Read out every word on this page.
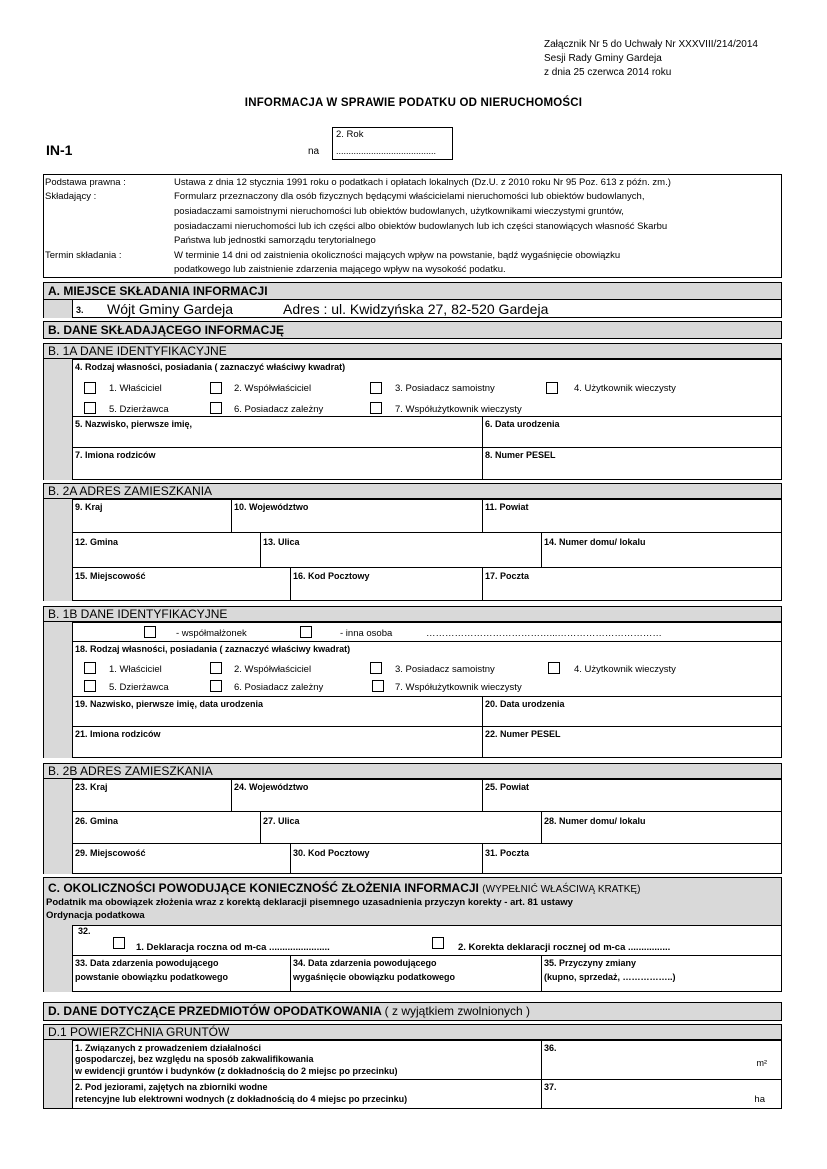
Załącznik Nr 5 do Uchwały Nr XXXVIII/214/2014
Sesji Rady Gminy Gardeja
z dnia 25 czerwca 2014 roku
INFORMACJA W SPRAWIE PODATKU OD NIERUCHOMOŚCI
IN-1	na
2. Rok
........................................
Podstawa prawna :	Ustawa z dnia 12 stycznia 1991 roku o podatkach i opłatach lokalnych (Dz.U. z 2010 roku Nr 95 Poz. 613 z późn. zm.)
Składający :	Formularz przeznaczony dla osób fizycznych będącymi właścicielami nieruchomości lub obiektów budowlanych,
posiadaczami samoistnymi nieruchomości lub obiektów budowlanych, użytkownikami wieczystymi gruntów,
posiadaczami nieruchomości lub ich części albo obiektów budowlanych lub ich części stanowiących własność Skarbu
Państwa lub jednostki samorządu terytorialnego
Termin składania :	W terminie 14 dni od zaistnienia okoliczności mających wpływ na powstanie, bądź wygaśnięcie obowiązku
podatkowego lub zaistnienie zdarzenia mającego wpływ na wysokość podatku.
A. MIEJSCE SKŁADANIA INFORMACJI
3. Wójt Gminy Gardeja	Adres : ul. Kwidzyńska 27, 82-520 Gardeja
B. DANE SKŁADAJĄCEGO INFORMACJĘ
B. 1A DANE IDENTYFIKACYJNE
4. Rodzaj własności, posiadania ( zaznaczyć właściwy kwadrat)
1. Właściciel	2. Współwłaściciel	3. Posiadacz samoistny	4. Użytkownik wieczysty
5. Dzierżawca	6. Posiadacz zależny	7. Współużytkownik wieczysty
5. Nazwisko, pierwsze imię,	6. Data urodzenia
7. Imiona rodziców	8. Numer PESEL
B. 2A ADRES ZAMIESZKANIA
9. Kraj	10. Województwo	11. Powiat
12. Gmina	13. Ulica	14. Numer domu/ lokalu
15. Miejscowość	16. Kod Pocztowy	17. Poczta
B. 1B DANE IDENTYFIKACYJNE
- współmałżonek	- inna osoba	…………………………………...……………………………
18. Rodzaj własności, posiadania ( zaznaczyć właściwy kwadrat)
1. Właściciel	2. Współwłaściciel	3. Posiadacz samoistny	4. Użytkownik wieczysty
5. Dzierżawca	6. Posiadacz zależny	7. Współużytkownik wieczysty
19. Nazwisko, pierwsze imię, data urodzenia	20. Data urodzenia
21. Imiona rodziców	22. Numer PESEL
B. 2B ADRES ZAMIESZKANIA
23. Kraj	24. Województwo	25. Powiat
26. Gmina	27. Ulica	28. Numer domu/ lokalu
29. Miejscowość	30. Kod Pocztowy	31. Poczta
C. OKOLICZNOŚCI POWODUJĄCE KONIECZNOŚĆ ZŁOŻENIA INFORMACJI (WYPEŁNIĆ WŁAŚCIWĄ KRATKĘ)
Podatnik ma obowiązek złożenia wraz z korektą deklaracji pisemnego uzasadnienia przyczyn korekty - art. 81 ustawy
Ordynacja podatkowa
32.
1. Deklaracja roczna od m-ca .......................	2. Korekta deklaracji rocznej od m-ca ................
33. Data zdarzenia powodującego
powstanie obowiązku podatkowego
34. Data zdarzenia powodującego
wygaśnięcie obowiązku podatkowego
35. Przyczyny zmiany
(kupno, sprzedaż, ……………..)
D. DANE DOTYCZĄCE PRZEDMIOTÓW OPODATKOWANIA ( z wyjątkiem zwolnionych )
D.1 POWIERZCHNIA GRUNTÓW
1. Związanych z prowadzeniem działalności
gospodarczej, bez względu na sposób zakwalifikowania
w ewidencji gruntów i budynków (z dokładnością do 2 miejsc po przecinku)
36.
m²
2. Pod jeziorami, zajętych na zbiorniki wodne
retencyjne lub elektrowni wodnych (z dokładnością do 4 miejsc po przecinku)
37.
ha
